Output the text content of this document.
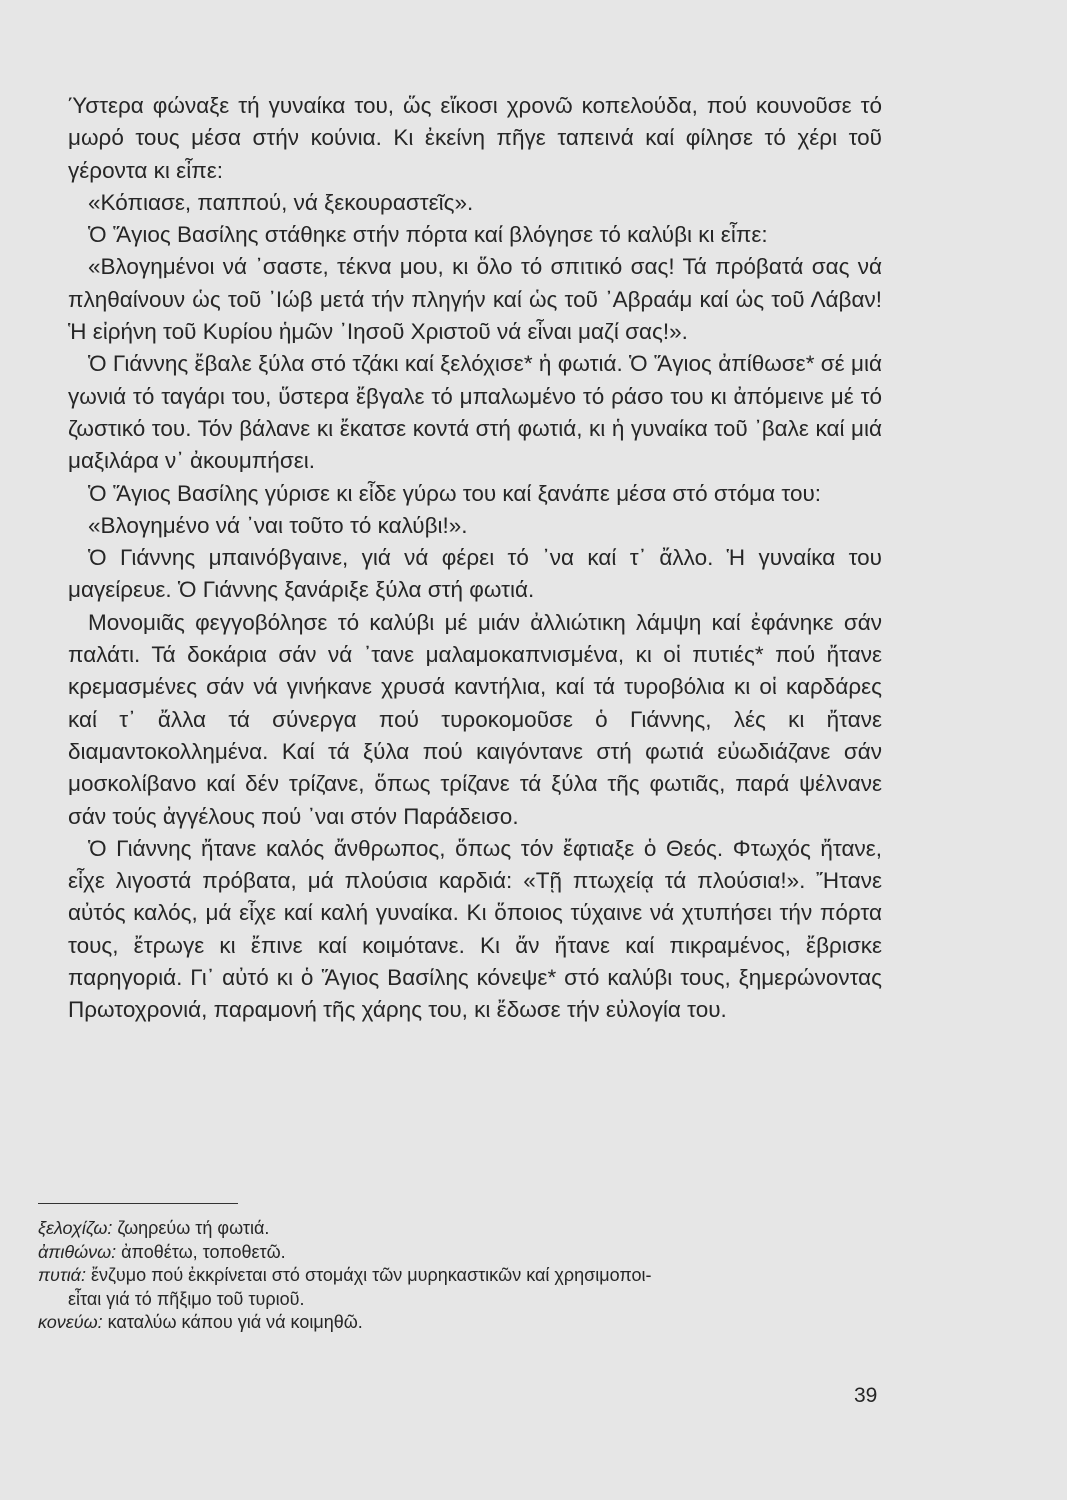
Ύστερα φώναξε τή γυναίκα του, ὥς εἴκοσι χρονῶ κοπελούδα, πού κουνοῦσε τό μωρό τους μέσα στήν κούνια. Κι ἐκείνη πῆγε ταπεινά καί φίλησε τό χέρι τοῦ γέροντα κι εἶπε:

«Κόπιασε, παππού, νά ξεκουραστεῖς».

Ὁ Ἅγιος Βασίλης στάθηκε στήν πόρτα καί βλόγησε τό καλύβι κι εἶπε:

«Βλογημένοι νά ᾽σαστε, τέκνα μου, κι ὅλο τό σπιτικό σας! Τά πρόβατά σας νά πληθαίνουν ὡς τοῦ ᾽Ιώβ μετά τήν πληγήν καί ὡς τοῦ ᾽Αβραάμ καί ὡς τοῦ Λάβαν! Ἡ εἰρήνη τοῦ Κυρίου ἡμῶν ᾽Ιησοῦ Χριστοῦ νά εἶναι μαζί σας!».

Ὁ Γιάννης ἔβαλε ξύλα στό τζάκι καί ξελόχισε* ἡ φωτιά. Ὁ Ἅγιος ἀπίθωσε* σέ μιά γωνιά τό ταγάρι του, ὕστερα ἔβγαλε τό μπαλωμένο τό ράσο του κι ἀπόμεινε μέ τό ζωστικό του. Τόν βάλανε κι ἔκατσε κοντά στή φωτιά, κι ἡ γυναίκα τοῦ ᾽βαλε καί μιά μαξιλάρα ν᾽ ἀκουμπήσει.

Ὁ Ἅγιος Βασίλης γύρισε κι εἶδε γύρω του καί ξανάπε μέσα στό στόμα του:

«Βλογημένο νά ᾽ναι τοῦτο τό καλύβι!».

Ὁ Γιάννης μπαινόβγαινε, γιά νά φέρει τό ᾽να καί τ᾽ ἄλλο. Ἡ γυναίκα του μαγείρευε. Ὁ Γιάννης ξανάριξε ξύλα στή φωτιά.

Μονομιᾶς φεγγοβόλησε τό καλύβι μέ μιάν ἀλλιώτικη λάμψη καί ἐφάνηκε σάν παλάτι. Τά δοκάρια σάν νά ᾽τανε μαλαμοκαπνισμένα, κι οἱ πυτιές* πού ἤτανε κρεμασμένες σάν νά γινήκανε χρυσά καντήλια, καί τά τυροβόλια κι οἱ καρδάρες καί τ᾽ ἄλλα τά σύνεργα πού τυροκομοῦσε ὁ Γιάννης, λές κι ἤτανε διαμαντοκολλημένα. Καί τά ξύλα πού καιγόντανε στή φωτιά εὐωδιάζανε σάν μοσκολίβανο καί δέν τρίζανε, ὅπως τρίζανε τά ξύλα τῆς φωτιᾶς, παρά ψέλνανε σάν τούς ἀγγέλους πού ᾽ναι στόν Παράδεισο.

Ὁ Γιάννης ἤτανε καλός ἄνθρωπος, ὅπως τόν ἔφτιαξε ὁ Θεός. Φτωχός ἤτανε, εἶχε λιγοστά πρόβατα, μά πλούσια καρδιά: «Τῇ πτωχείᾳ τά πλούσια!». Ἤτανε αὐτός καλός, μά εἶχε καί καλή γυναίκα. Κι ὅποιος τύχαινε νά χτυπήσει τήν πόρτα τους, ἔτρωγε κι ἔπινε καί κοιμότανε. Κι ἄν ἤτανε καί πικραμένος, ἔβρισκε παρηγοριά. Γι᾽ αὐτό κι ὁ Ἅγιος Βασίλης κόνεψε* στό καλύβι τους, ξημερώνοντας Πρωτοχρονιά, παραμονή τῆς χάρης του, κι ἔδωσε τήν εὐλογία του.

ξελοχίζω: ζωηρεύω τή φωτιά.
ἀπιθώνω: ἀποθέτω, τοποθετῶ.
πυτιά: ἔνζυμο πού ἐκκρίνεται στό στομάχι τῶν μυρηκαστικῶν καί χρησιμοποι-
εἶται γιά τό πῆξιμο τοῦ τυριοῦ.
κονεύω: καταλύω κάπου γιά νά κοιμηθῶ.
39
